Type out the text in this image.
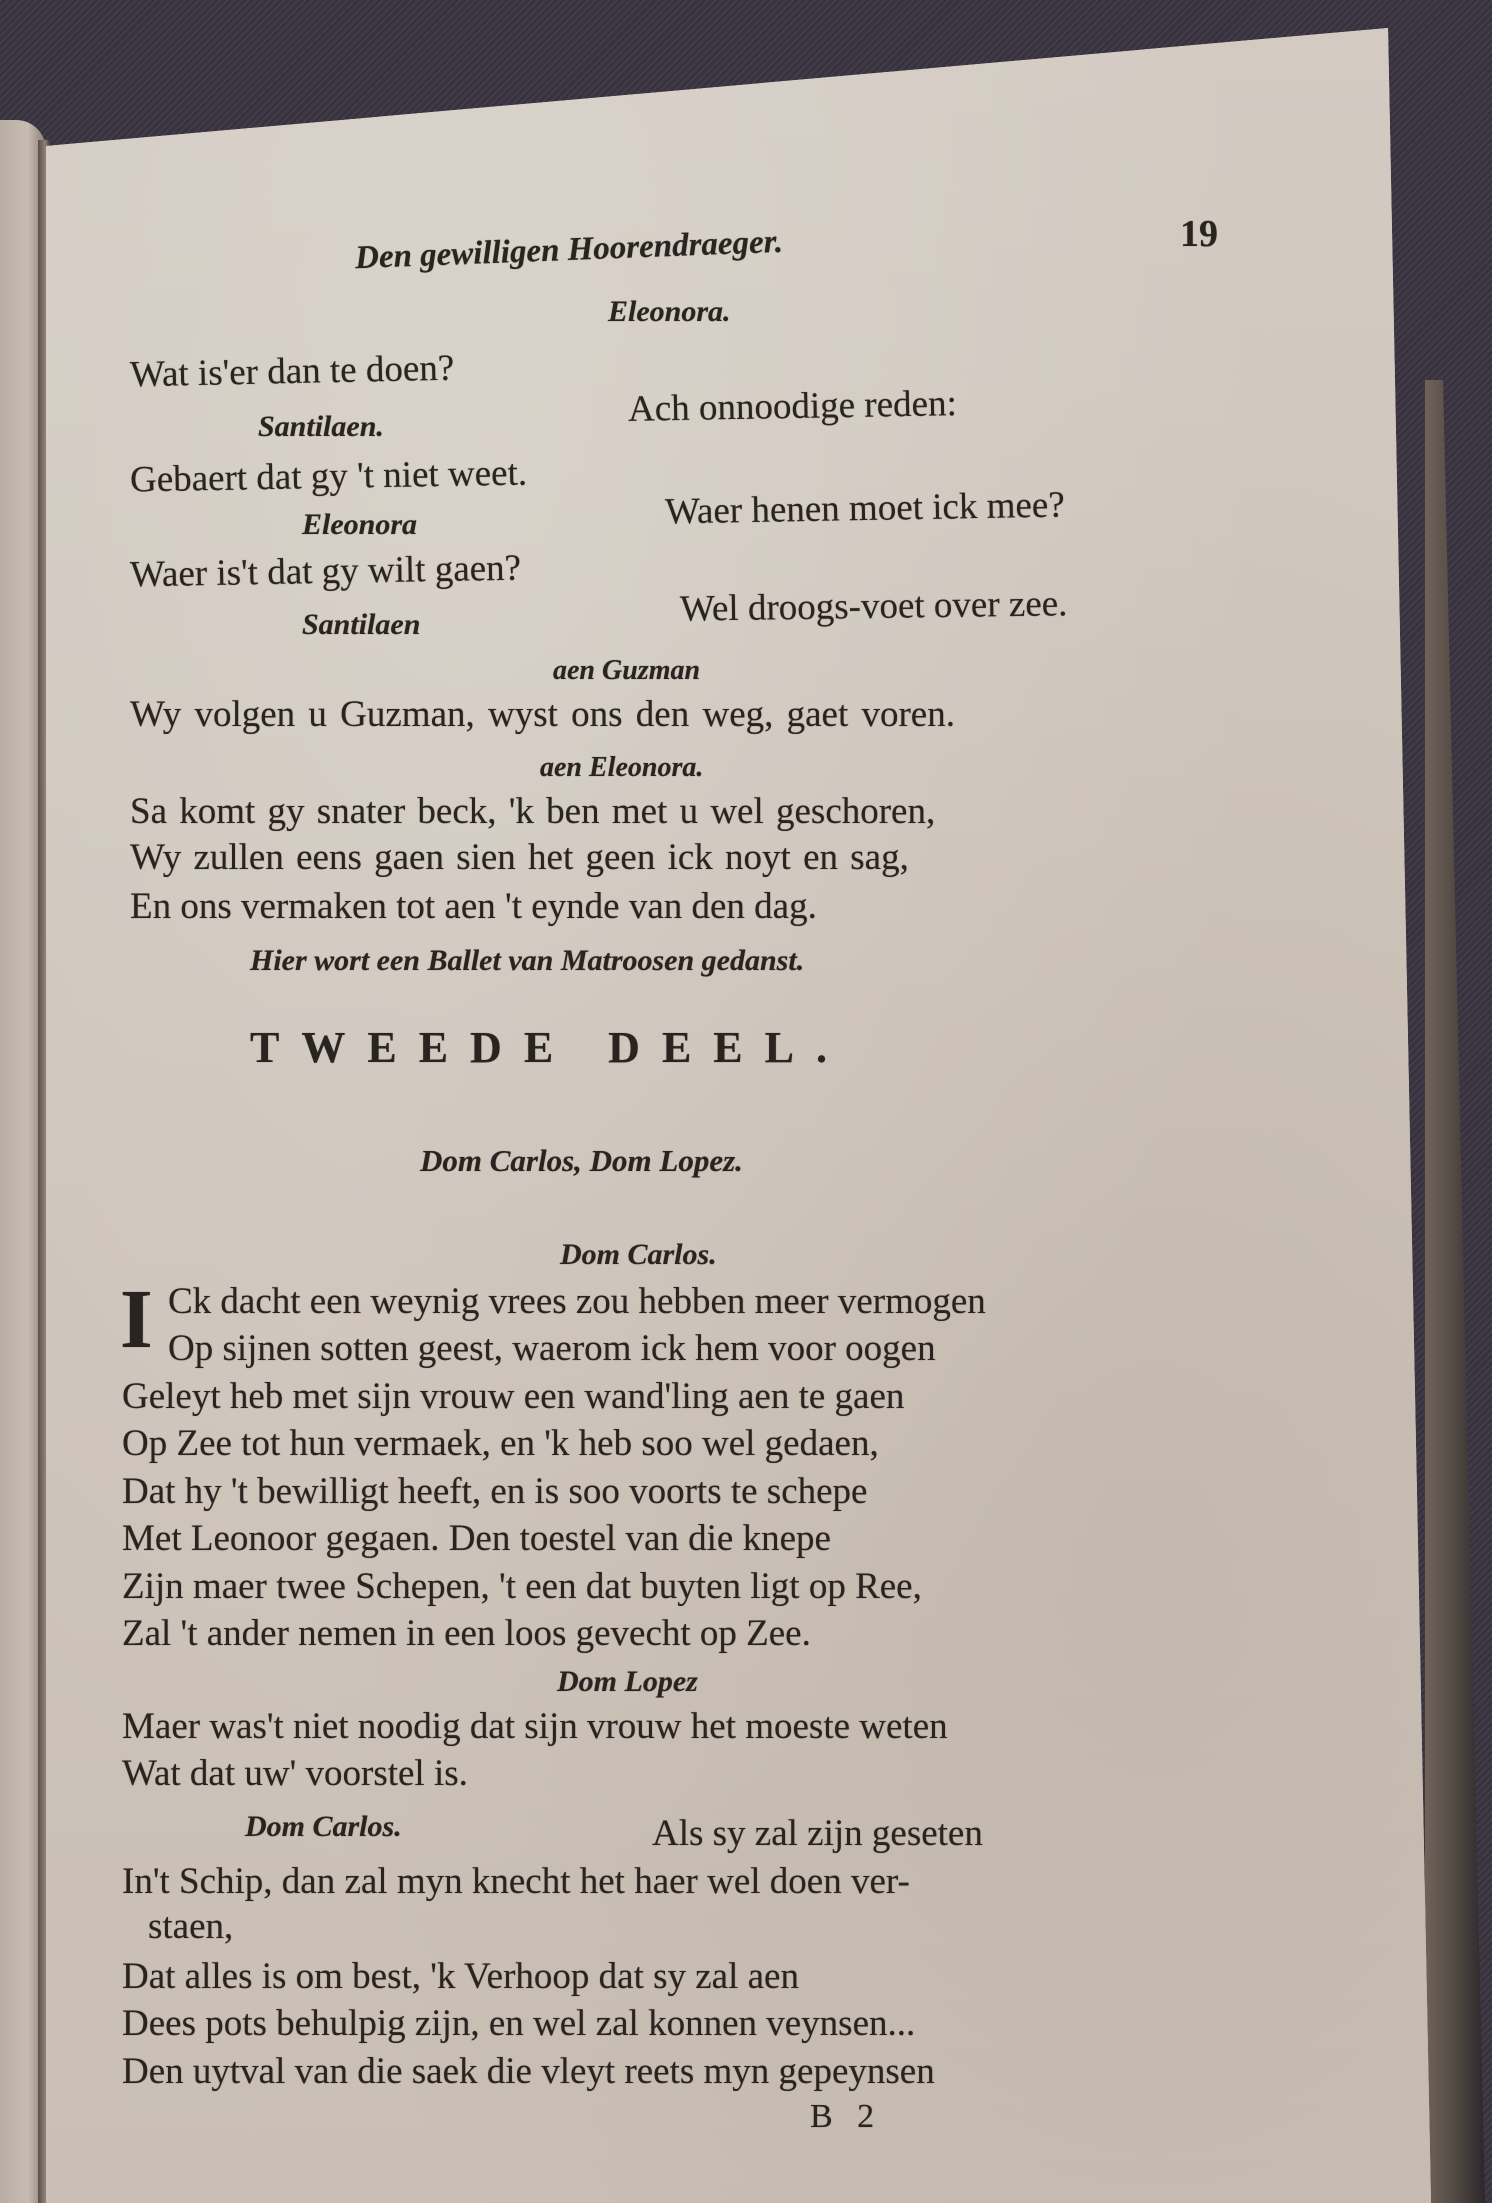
Den gewilligen Hoorendraeger.	19
Eleonora.
Wat is'er dan te doen?
Santilaen.	Ach onnoodige reden:
Gebaert dat gy 't niet weet.
Eleonora	Waer henen moet ick mee?
Waer is't dat gy wilt gaen?
Santilaen	Wel droogs-voet over zee.
aen Guzman
Wy volgen u Guzman, wyst ons den weg, gaet voren.
aen Eleonora.
Sa komt gy snater beck, 'k ben met u wel geschoren,
Wy zullen eens gaen sien het geen ick noyt en sag,
En ons vermaken tot aen 't eynde van den dag.
Hier wort een Ballet van Matroosen gedanst.
TWEEDE DEEL.
Dom Carlos, Dom Lopez.
Dom Carlos.
I Ck dacht een weynig vrees zou hebben meer vermogen
Op sijnen sotten geest, waerom ick hem voor oogen
Geleyt heb met sijn vrouw een wand'ling aen te gaen
Op Zee tot hun vermaek, en 'k heb soo wel gedaen,
Dat hy 't bewilligt heeft, en is soo voorts te schepe
Met Leonoor gegaen. Den toestel van die knepe
Zijn maer twee Schepen, 't een dat buyten ligt op Ree,
Zal 't ander nemen in een loos gevecht op Zee.
Dom Lopez
Maer was't niet noodig dat sijn vrouw het moeste weten
Wat dat uw' voorstel is.
Dom Carlos.	Als sy zal zijn geseten
In't Schip, dan zal myn knecht het haer wel doen ver-
staen,
Dat alles is om best, 'k Verhoop dat sy zal aen
Dees pots behulpig zijn, en wel zal konnen veynsen...
Den uytval van die saek die vleyt reets myn gepeynsen
B 2
